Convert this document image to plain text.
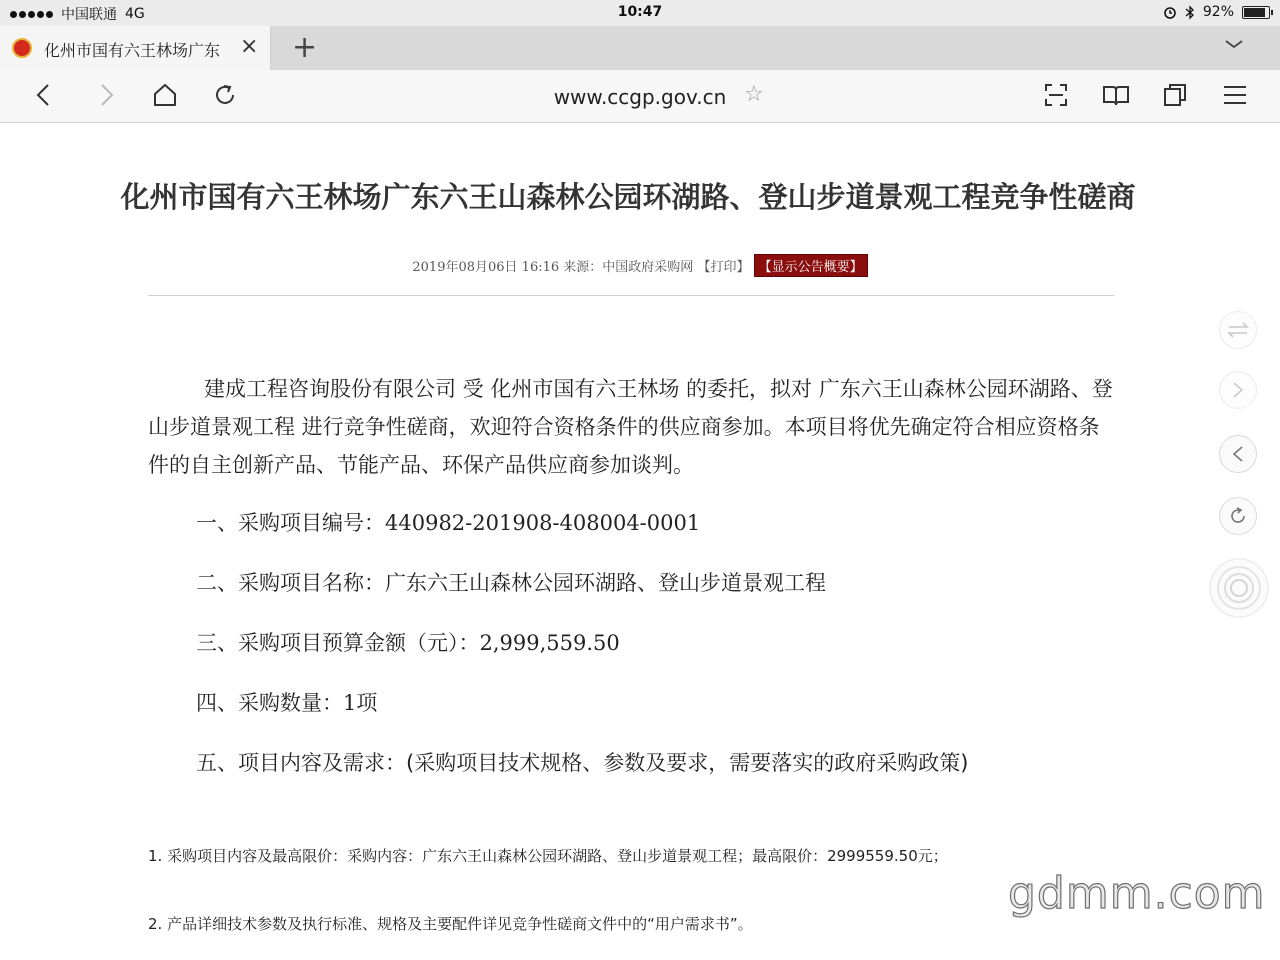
中国联通 4G	10:47	92%
化州市国有六王林场广东 × +
www.ccgp.gov.cn ☆
化州市国有六王林场广东六王山森林公园环湖路、登山步道景观工程竞争性磋商
2019年08月06日 16:16 来源：中国政府采购网 【打印】 【显示公告概要】
建成工程咨询股份有限公司 受 化州市国有六王林场 的委托，拟对 广东六王山森林公园环湖路、登山步道景观工程 进行竞争性磋商，欢迎符合资格条件的供应商参加。本项目将优先确定符合相应资格条件的自主创新产品、节能产品、环保产品供应商参加谈判。
一、采购项目编号：440982-201908-408004-0001
二、采购项目名称：广东六王山森林公园环湖路、登山步道景观工程
三、采购项目预算金额（元）：2,999,559.50
四、采购数量：1项
五、项目内容及需求：(采购项目技术规格、参数及要求，需要落实的政府采购政策)
1. 采购项目内容及最高限价：采购内容：广东六王山森林公园环湖路、登山步道景观工程；最高限价：2999559.50元；
2. 产品详细技术参数及执行标准、规格及主要配件详见竞争性磋商文件中的“用户需求书”。
gdmm.com
